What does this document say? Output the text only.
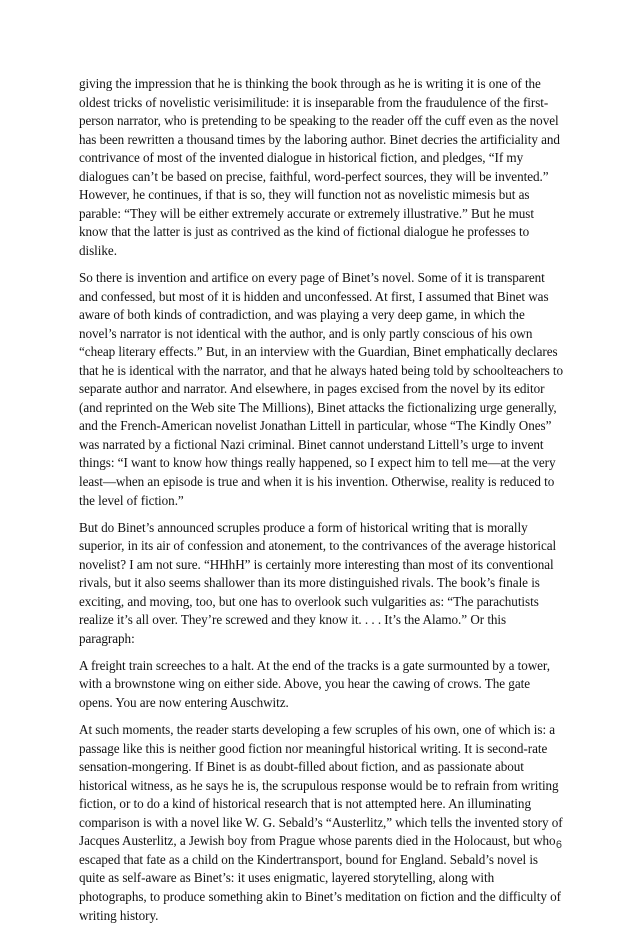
giving the impression that he is thinking the book through as he is writing it is one of the oldest tricks of novelistic verisimilitude: it is inseparable from the fraudulence of the first-person narrator, who is pretending to be speaking to the reader off the cuff even as the novel has been rewritten a thousand times by the laboring author. Binet decries the artificiality and contrivance of most of the invented dialogue in historical fiction, and pledges, “If my dialogues can’t be based on precise, faithful, word-perfect sources, they will be invented.” However, he continues, if that is so, they will function not as novelistic mimesis but as parable: “They will be either extremely accurate or extremely illustrative.” But he must know that the latter is just as contrived as the kind of fictional dialogue he professes to dislike.

So there is invention and artifice on every page of Binet’s novel. Some of it is transparent and confessed, but most of it is hidden and unconfessed. At first, I assumed that Binet was aware of both kinds of contradiction, and was playing a very deep game, in which the novel’s narrator is not identical with the author, and is only partly conscious of his own “cheap literary effects.” But, in an interview with the Guardian, Binet emphatically declares that he is identical with the narrator, and that he always hated being told by schoolteachers to separate author and narrator. And elsewhere, in pages excised from the novel by its editor (and reprinted on the Web site The Millions), Binet attacks the fictionalizing urge generally, and the French-American novelist Jonathan Littell in particular, whose “The Kindly Ones” was narrated by a fictional Nazi criminal. Binet cannot understand Littell’s urge to invent things: “I want to know how things really happened, so I expect him to tell me—at the very least—when an episode is true and when it is his invention. Otherwise, reality is reduced to the level of fiction.”

But do Binet’s announced scruples produce a form of historical writing that is morally superior, in its air of confession and atonement, to the contrivances of the average historical novelist? I am not sure. “HHhH” is certainly more interesting than most of its conventional rivals, but it also seems shallower than its more distinguished rivals. The book’s finale is exciting, and moving, too, but one has to overlook such vulgarities as: “The parachutists realize it’s all over. They’re screwed and they know it. . . . It’s the Alamo.” Or this paragraph:

A freight train screeches to a halt. At the end of the tracks is a gate surmounted by a tower, with a brownstone wing on either side. Above, you hear the cawing of crows. The gate opens. You are now entering Auschwitz.

At such moments, the reader starts developing a few scruples of his own, one of which is: a passage like this is neither good fiction nor meaningful historical writing. It is second-rate sensation-mongering. If Binet is as doubt-filled about fiction, and as passionate about historical witness, as he says he is, the scrupulous response would be to refrain from writing fiction, or to do a kind of historical research that is not attempted here. An illuminating comparison is with a novel like W. G. Sebald’s “Austerlitz,” which tells the invented story of Jacques Austerlitz, a Jewish boy from Prague whose parents died in the Holocaust, but who escaped that fate as a child on the Kindertransport, bound for England. Sebald’s novel is quite as self-aware as Binet’s: it uses enigmatic, layered storytelling, along with photographs, to produce something akin to Binet’s meditation on fiction and the difficulty of writing history.

6
